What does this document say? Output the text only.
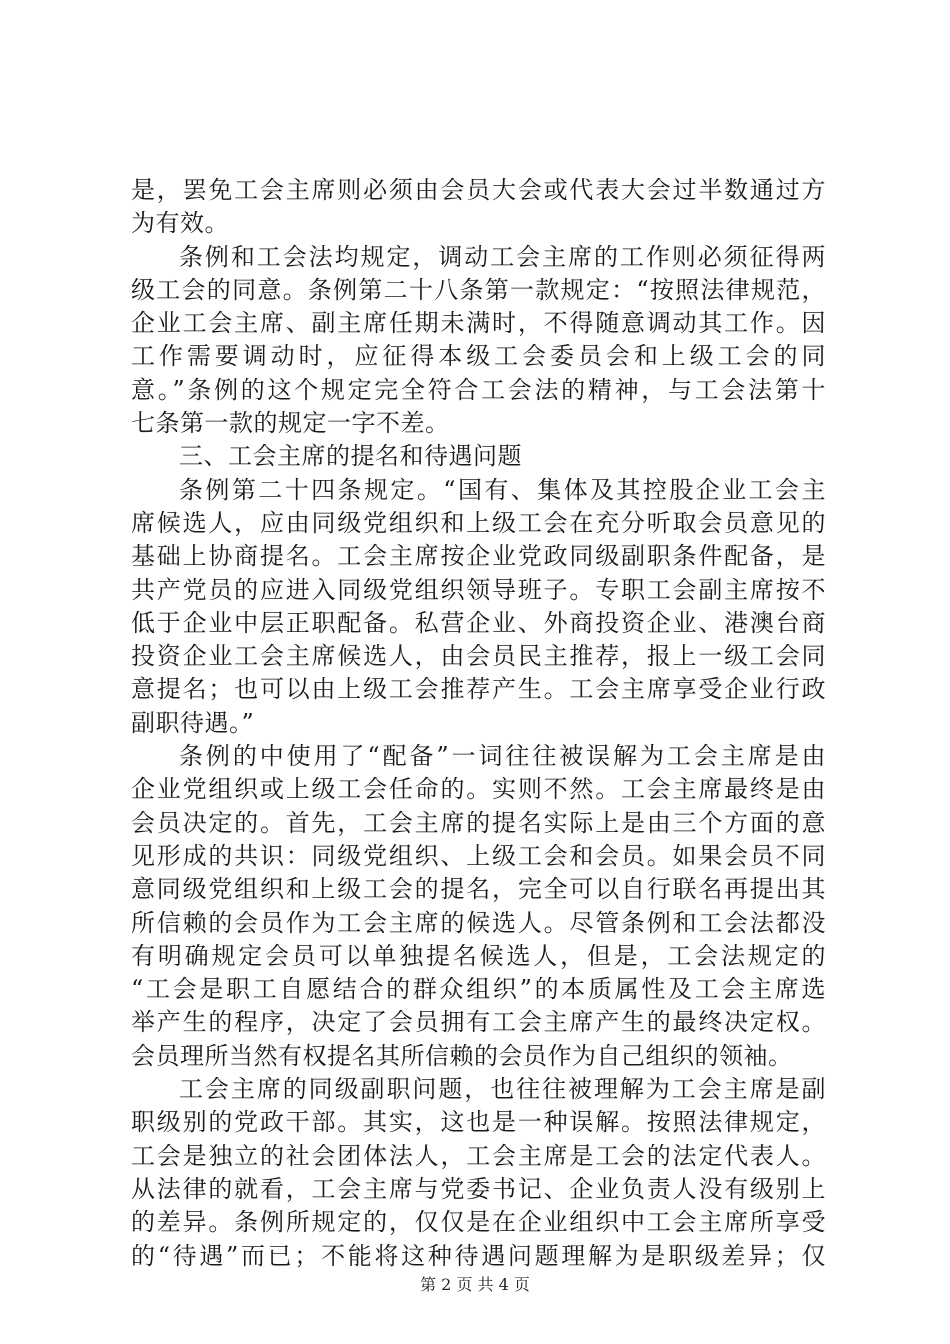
是，罢免工会主席则必须由会员大会或代表大会过半数通过方
为有效。
条例和工会法均规定，调动工会主席的工作则必须征得两
级工会的同意。条例第二十八条第一款规定：“按照法律规范，
企业工会主席、副主席任期未满时，不得随意调动其工作。因
工作需要调动时，应征得本级工会委员会和上级工会的同
意。”条例的这个规定完全符合工会法的精神，与工会法第十
七条第一款的规定一字不差。
三、工会主席的提名和待遇问题
条例第二十四条规定。“国有、集体及其控股企业工会主
席候选人，应由同级党组织和上级工会在充分听取会员意见的
基础上协商提名。工会主席按企业党政同级副职条件配备，是
共产党员的应进入同级党组织领导班子。专职工会副主席按不
低于企业中层正职配备。私营企业、外商投资企业、港澳台商
投资企业工会主席候选人，由会员民主推荐，报上一级工会同
意提名；也可以由上级工会推荐产生。工会主席享受企业行政
副职待遇。”
条例的中使用了“配备”一词往往被误解为工会主席是由
企业党组织或上级工会任命的。实则不然。工会主席最终是由
会员决定的。首先，工会主席的提名实际上是由三个方面的意
见形成的共识：同级党组织、上级工会和会员。如果会员不同
意同级党组织和上级工会的提名，完全可以自行联名再提出其
所信赖的会员作为工会主席的候选人。尽管条例和工会法都没
有明确规定会员可以单独提名候选人，但是，工会法规定的
“工会是职工自愿结合的群众组织”的本质属性及工会主席选
举产生的程序，决定了会员拥有工会主席产生的最终决定权。
会员理所当然有权提名其所信赖的会员作为自己组织的领袖。
工会主席的同级副职问题，也往往被理解为工会主席是副
职级别的党政干部。其实，这也是一种误解。按照法律规定，
工会是独立的社会团体法人，工会主席是工会的法定代表人。
从法律的就看，工会主席与党委书记、企业负责人没有级别上
的差异。条例所规定的，仅仅是在企业组织中工会主席所享受
的“待遇”而已；不能将这种待遇问题理解为是职级差异；仅
第 2 页 共 4 页
